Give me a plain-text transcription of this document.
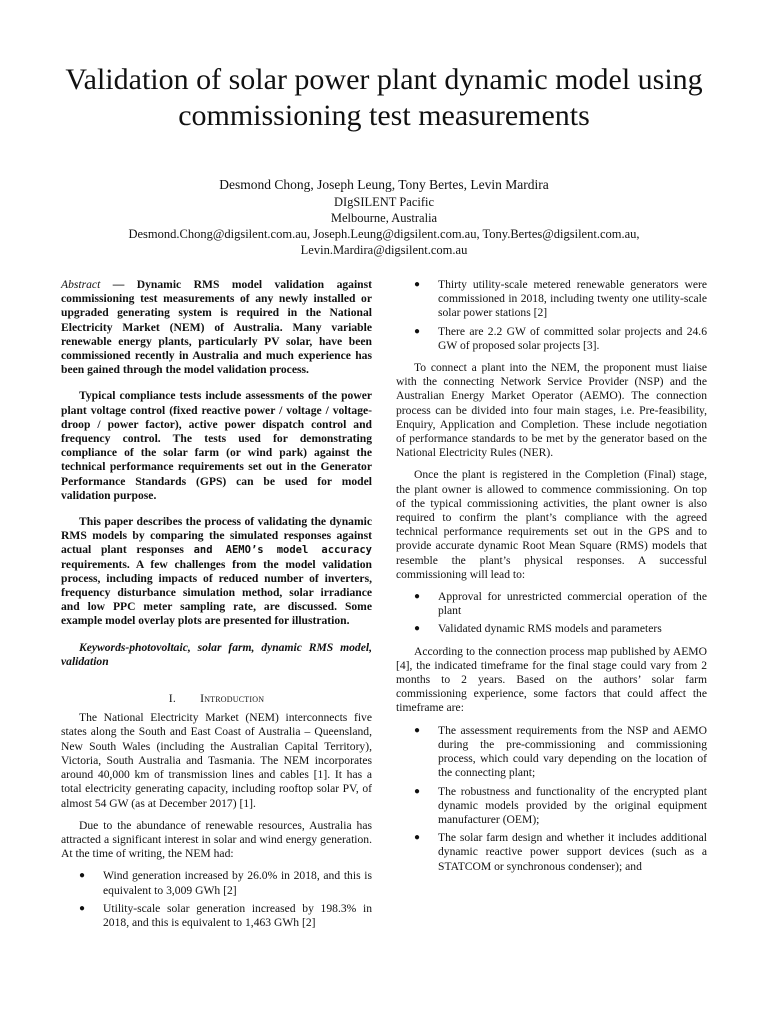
Validation of solar power plant dynamic model using commissioning test measurements
Desmond Chong, Joseph Leung, Tony Bertes, Levin Mardira
DIgSILENT Pacific
Melbourne, Australia
Desmond.Chong@digsilent.com.au, Joseph.Leung@digsilent.com.au, Tony.Bertes@digsilent.com.au,
Levin.Mardira@digsilent.com.au

Abstract — Dynamic RMS model validation against commissioning test measurements of any newly installed or upgraded generating system is required in the National Electricity Market (NEM) of Australia. Many variable renewable energy plants, particularly PV solar, have been commissioned recently in Australia and much experience has been gained through the model validation process.

Typical compliance tests include assessments of the power plant voltage control (fixed reactive power / voltage / voltage-droop / power factor), active power dispatch control and frequency control. The tests used for demonstrating compliance of the solar farm (or wind park) against the technical performance requirements set out in the Generator Performance Standards (GPS) can be used for model validation purpose.

This paper describes the process of validating the dynamic RMS models by comparing the simulated responses against actual plant responses and AEMO’s model accuracy requirements. A few challenges from the model validation process, including impacts of reduced number of inverters, frequency disturbance simulation method, solar irradiance and low PPC meter sampling rate, are discussed. Some example model overlay plots are presented for illustration.

Keywords-photovoltaic, solar farm, dynamic RMS model, validation

I. Introduction

The National Electricity Market (NEM) interconnects five states along the South and East Coast of Australia – Queensland, New South Wales (including the Australian Capital Territory), Victoria, South Australia and Tasmania. The NEM incorporates around 40,000 km of transmission lines and cables [1]. It has a total electricity generating capacity, including rooftop solar PV, of almost 54 GW (as at December 2017) [1].

Due to the abundance of renewable resources, Australia has attracted a significant interest in solar and wind energy generation. At the time of writing, the NEM had:

● Wind generation increased by 26.0% in 2018, and this is equivalent to 3,009 GWh [2]
● Utility-scale solar generation increased by 198.3% in 2018, and this is equivalent to 1,463 GWh [2]
● Thirty utility-scale metered renewable generators were commissioned in 2018, including twenty one utility-scale solar power stations [2]
● There are 2.2 GW of committed solar projects and 24.6 GW of proposed solar projects [3].

To connect a plant into the NEM, the proponent must liaise with the connecting Network Service Provider (NSP) and the Australian Energy Market Operator (AEMO). The connection process can be divided into four main stages, i.e. Pre-feasibility, Enquiry, Application and Completion. These include negotiation of performance standards to be met by the generator based on the National Electricity Rules (NER).

Once the plant is registered in the Completion (Final) stage, the plant owner is allowed to commence commissioning. On top of the typical commissioning activities, the plant owner is also required to confirm the plant’s compliance with the agreed technical performance requirements set out in the GPS and to provide accurate dynamic Root Mean Square (RMS) models that resemble the plant’s physical responses. A successful commissioning will lead to:

● Approval for unrestricted commercial operation of the plant
● Validated dynamic RMS models and parameters

According to the connection process map published by AEMO [4], the indicated timeframe for the final stage could vary from 2 months to 2 years. Based on the authors’ solar farm commissioning experience, some factors that could affect the timeframe are:

● The assessment requirements from the NSP and AEMO during the pre-commissioning and commissioning process, which could vary depending on the location of the connecting plant;
● The robustness and functionality of the encrypted plant dynamic models provided by the original equipment manufacturer (OEM);
● The solar farm design and whether it includes additional dynamic reactive power support devices (such as a STATCOM or synchronous condenser); and
